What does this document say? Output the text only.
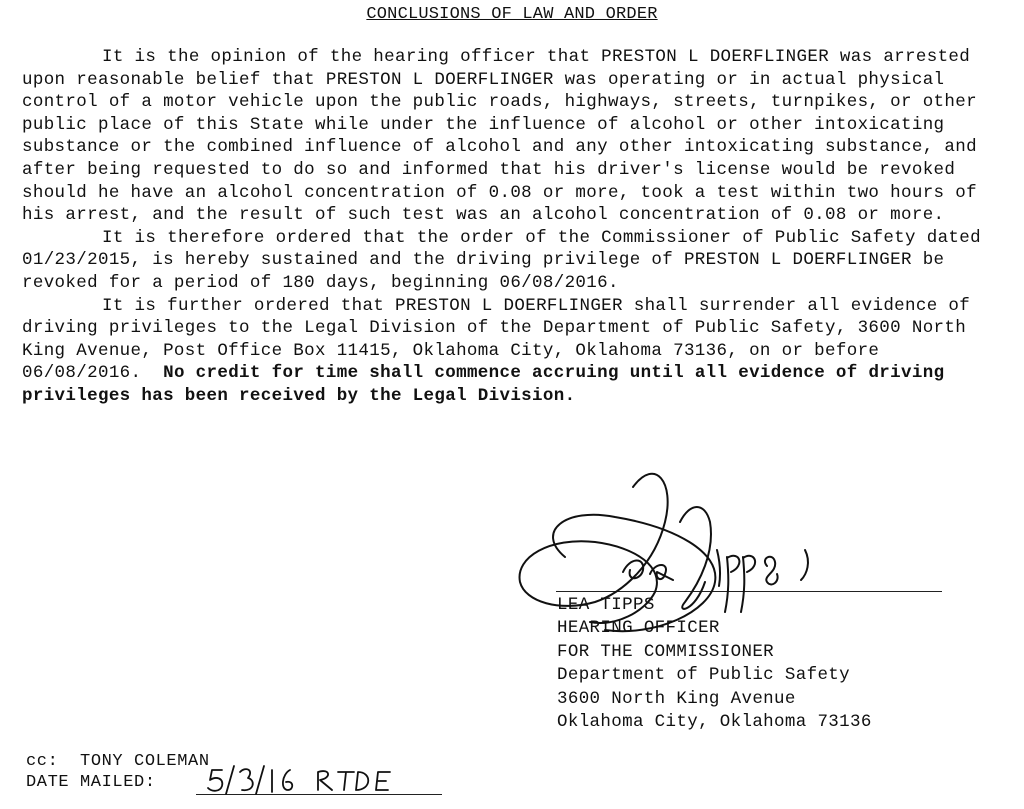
CONCLUSIONS OF LAW AND ORDER

It is the opinion of the hearing officer that PRESTON L DOERFLINGER was arrested upon reasonable belief that PRESTON L DOERFLINGER was operating or in actual physical control of a motor vehicle upon the public roads, highways, streets, turnpikes, or other public place of this State while under the influence of alcohol or other intoxicating substance or the combined influence of alcohol and any other intoxicating substance, and after being requested to do so and informed that his driver's license would be revoked should he have an alcohol concentration of 0.08 or more, took a test within two hours of his arrest, and the result of such test was an alcohol concentration of 0.08 or more.

It is therefore ordered that the order of the Commissioner of Public Safety dated 01/23/2015, is hereby sustained and the driving privilege of PRESTON L DOERFLINGER be revoked for a period of 180 days, beginning 06/08/2016.

It is further ordered that PRESTON L DOERFLINGER shall surrender all evidence of driving privileges to the Legal Division of the Department of Public Safety, 3600 North King Avenue, Post Office Box 11415, Oklahoma City, Oklahoma 73136, on or before 06/08/2016. No credit for time shall commence accruing until all evidence of driving privileges has been received by the Legal Division.

LEA TIPPS
HEARING OFFICER
FOR THE COMMISSIONER
Department of Public Safety
3600 North King Avenue
Oklahoma City, Oklahoma 73136
cc: TONY COLEMAN
DATE MAILED:
